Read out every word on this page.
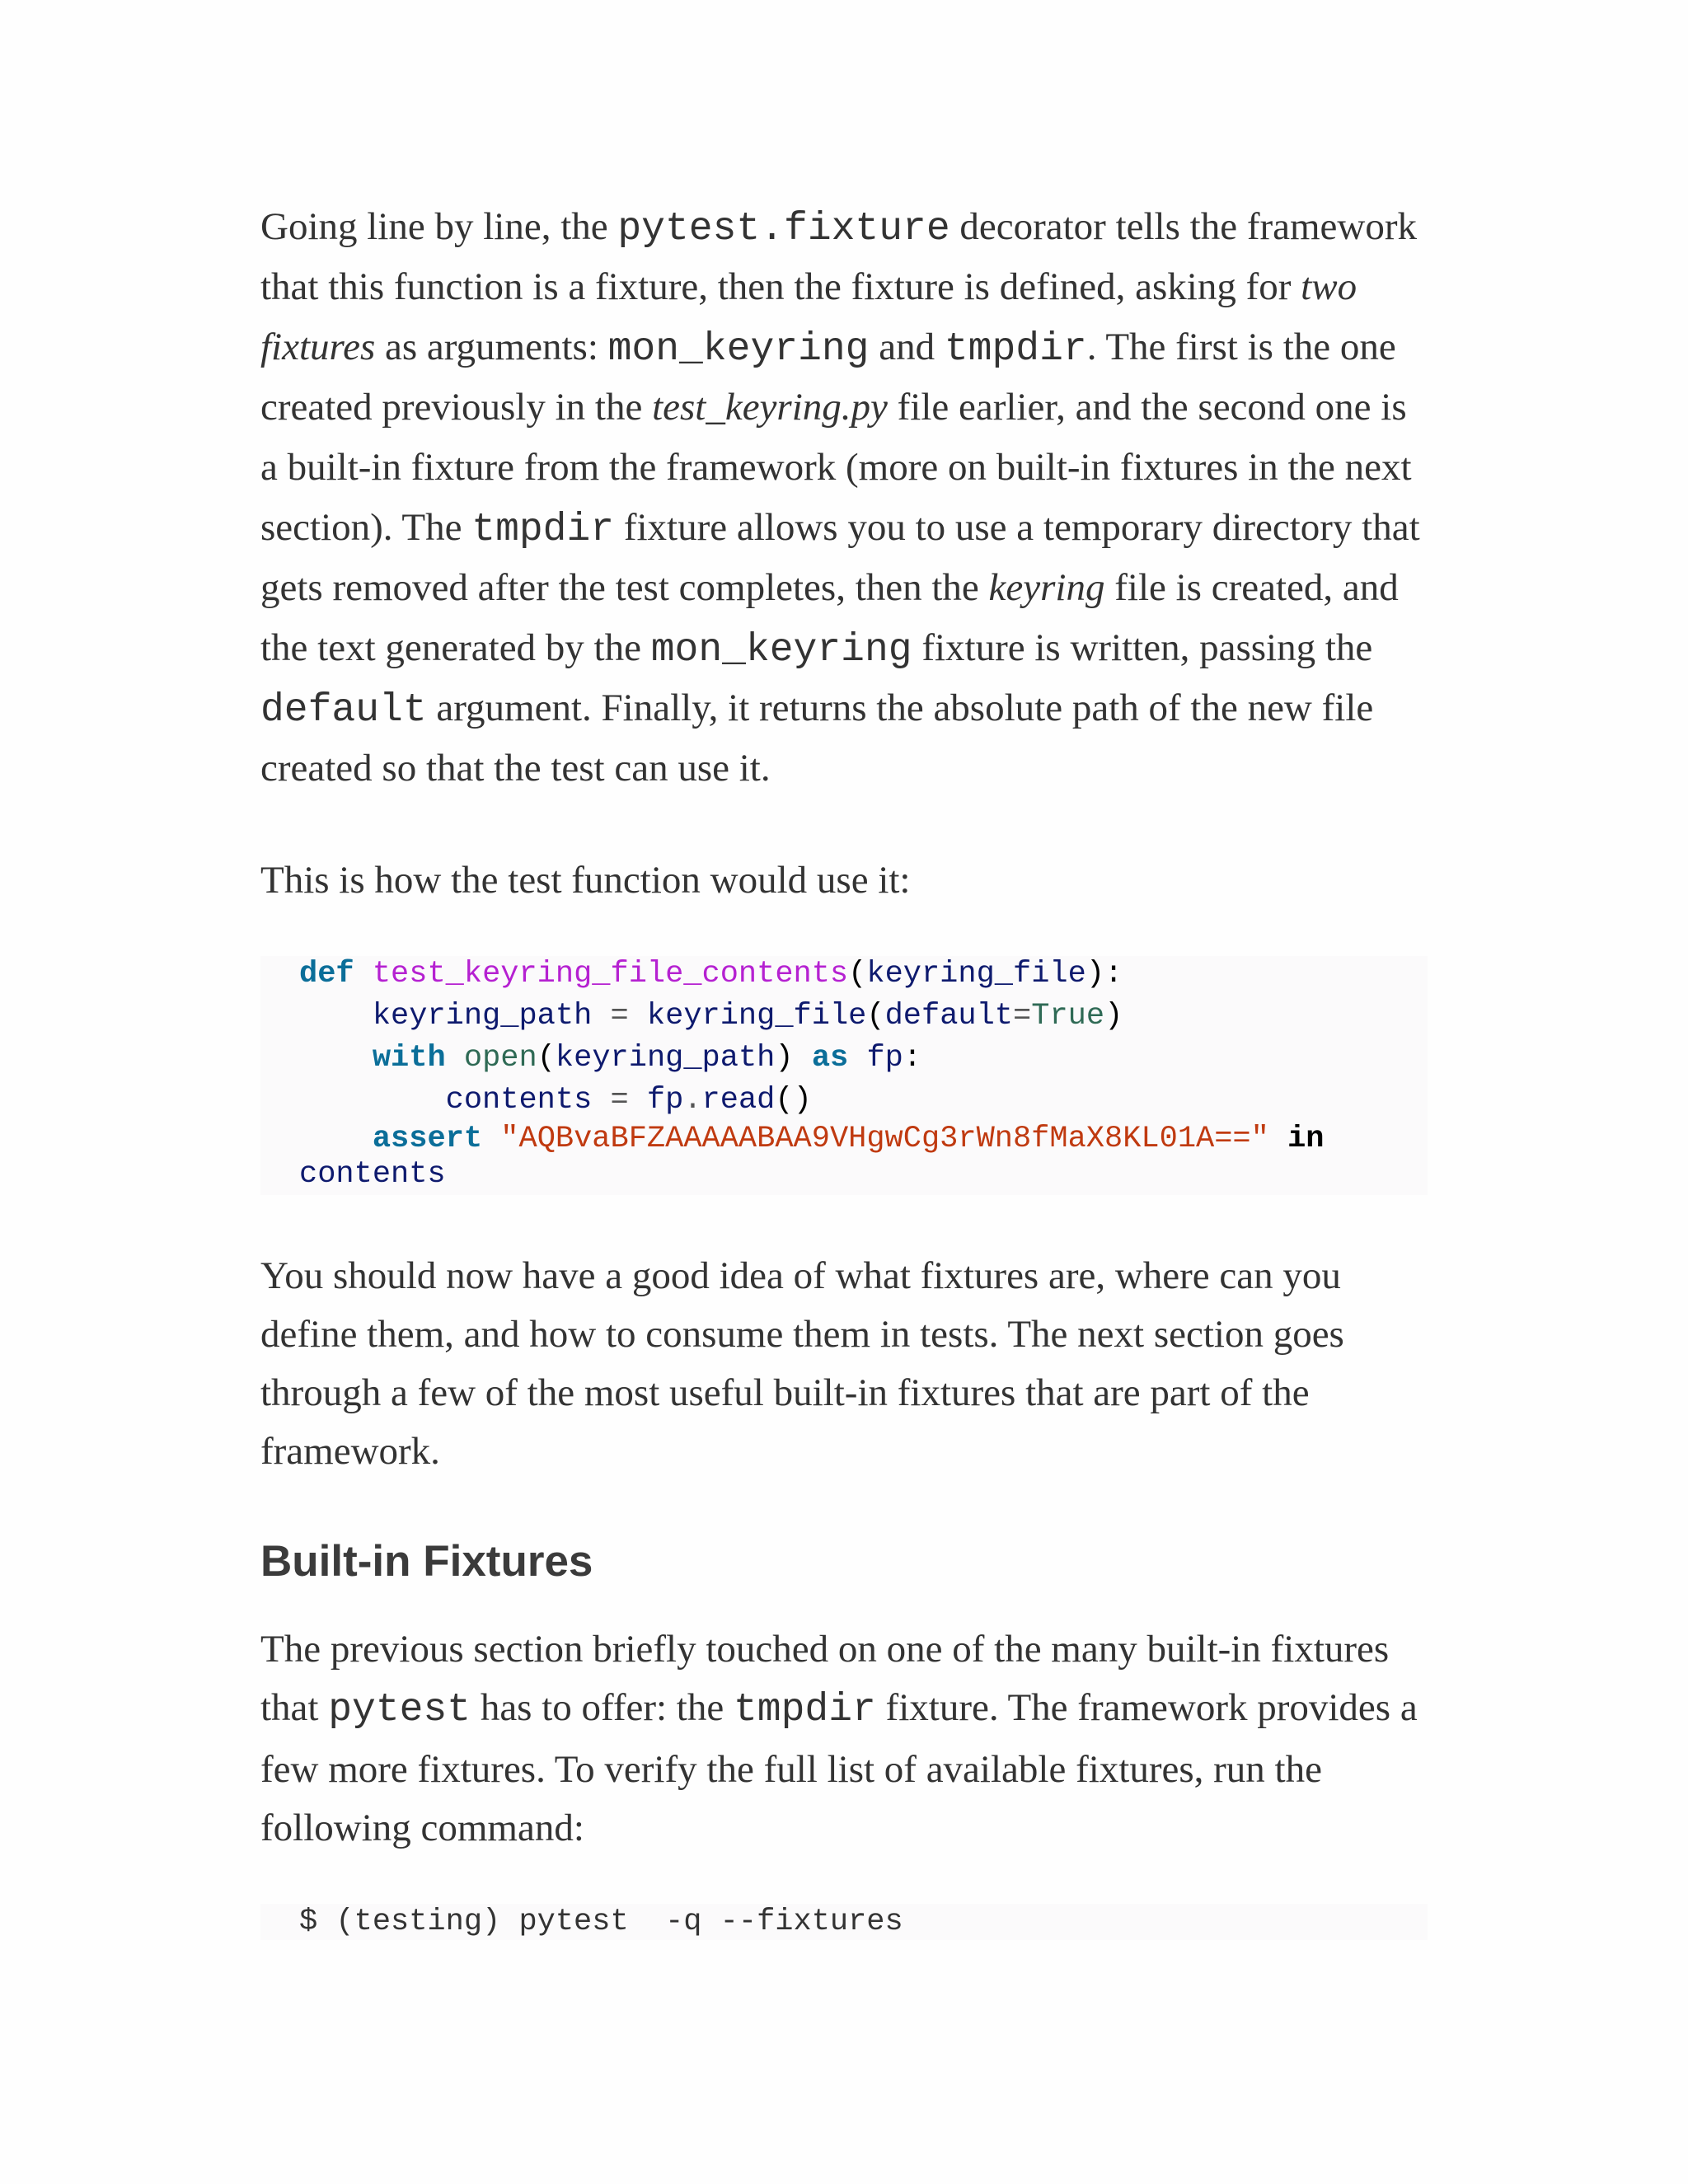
Going line by line, the pytest.fixture decorator tells the framework
that this function is a fixture, then the fixture is defined, asking for two
fixtures as arguments: mon_keyring and tmpdir. The first is the one
created previously in the test_keyring.py file earlier, and the second one is
a built-in fixture from the framework (more on built-in fixtures in the next
section). The tmpdir fixture allows you to use a temporary directory that
gets removed after the test completes, then the keyring file is created, and
the text generated by the mon_keyring fixture is written, passing the
default argument. Finally, it returns the absolute path of the new file
created so that the test can use it.

This is how the test function would use it:

def test_keyring_file_contents(keyring_file):
keyring_path = keyring_file(default=True)
with open(keyring_path) as fp:
contents = fp.read()
assert "AQBvaBFZAAAAABAA9VHgwCg3rWn8fMaX8KL01A==" in
contents
You should now have a good idea of what fixtures are, where can you
define them, and how to consume them in tests. The next section goes
through a few of the most useful built-in fixtures that are part of the
framework.
Built-in Fixtures
The previous section briefly touched on one of the many built-in fixtures
that pytest has to offer: the tmpdir fixture. The framework provides a
few more fixtures. To verify the full list of available fixtures, run the
following command:
$ (testing) pytest  -q --fixtures
